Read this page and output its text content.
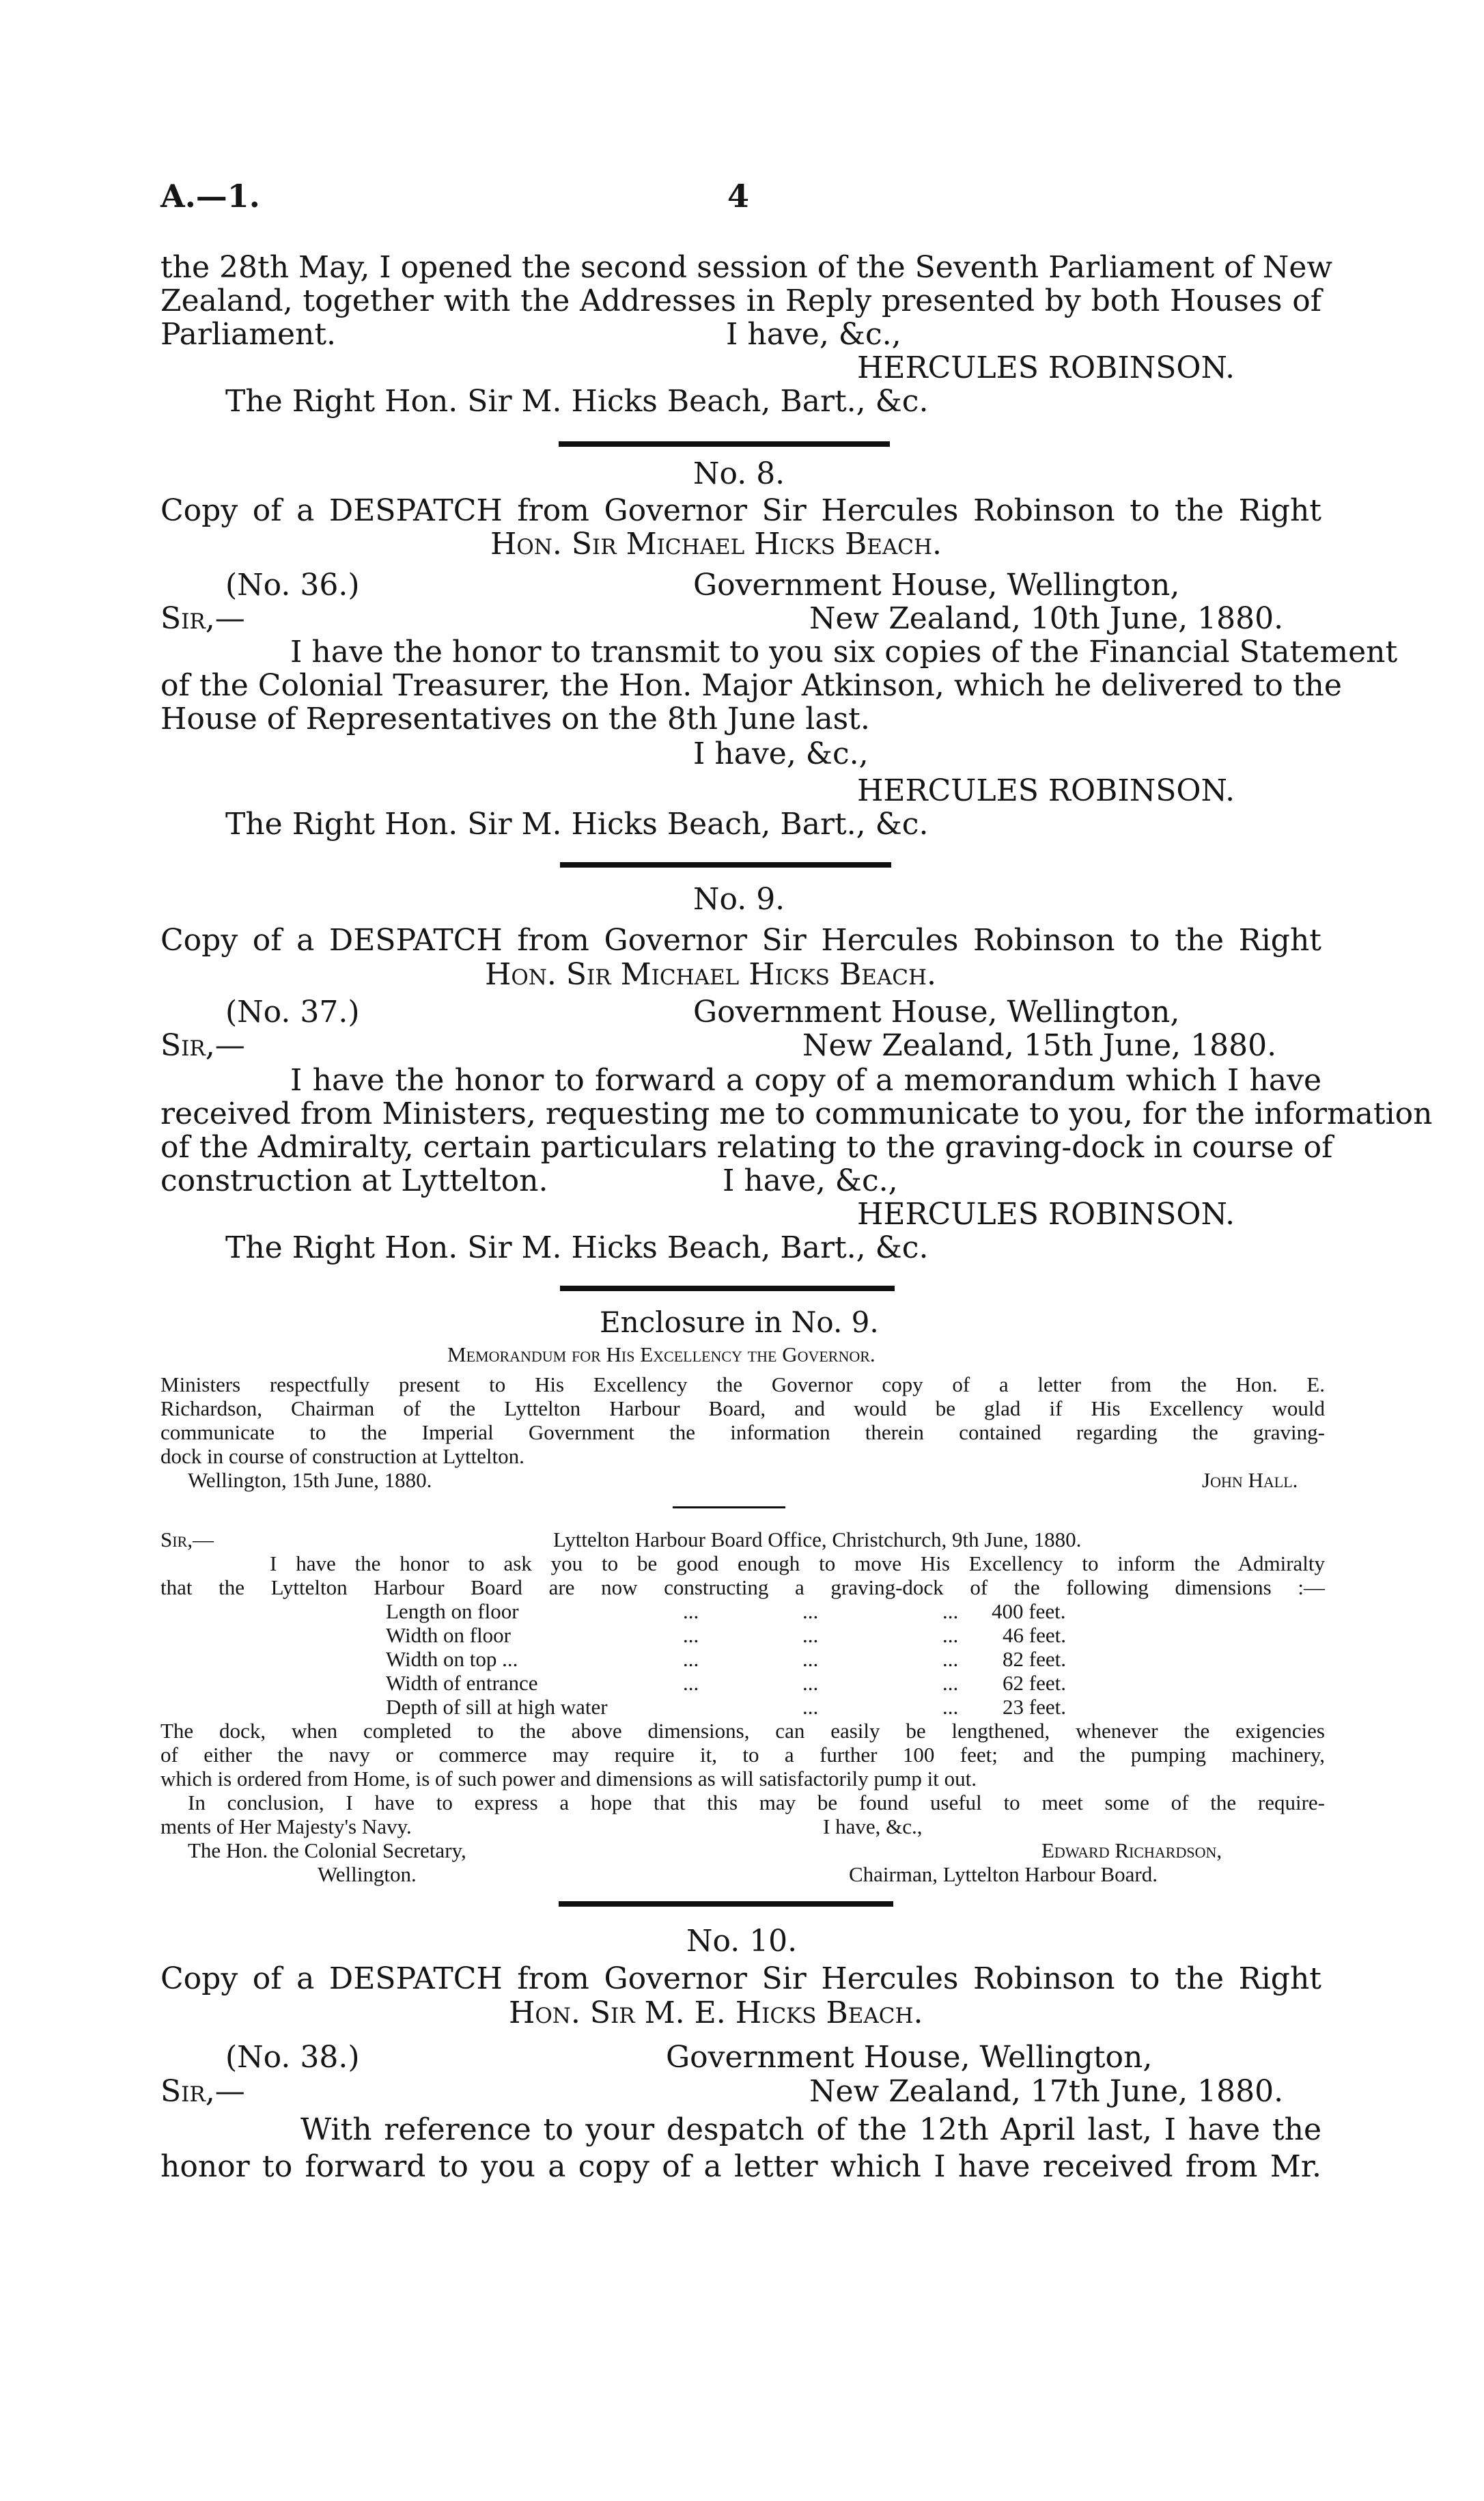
A.—1.	4
the 28th May, I opened the second session of the Seventh Parliament of New
Zealand, together with the Addresses in Reply presented by both Houses of
Parliament.	I have, &c.,
HERCULES ROBINSON.
The Right Hon. Sir M. Hicks Beach, Bart., &c.
No. 8.
Copy of a DESPATCH from Governor Sir Hercules Robinson to the Right
Hon. Sir Michael Hicks Beach.
(No. 36.)	Government House, Wellington,
Sir,—	New Zealand, 10th June, 1880.
I have the honor to transmit to you six copies of the Financial Statement
of the Colonial Treasurer, the Hon. Major Atkinson, which he delivered to the
House of Representatives on the 8th June last.
I have, &c.,
HERCULES ROBINSON.
The Right Hon. Sir M. Hicks Beach, Bart., &c.
No. 9.
Copy of a DESPATCH from Governor Sir Hercules Robinson to the Right
Hon. Sir Michael Hicks Beach.
(No. 37.)	Government House, Wellington,
Sir,—	New Zealand, 15th June, 1880.
I have the honor to forward a copy of a memorandum which I have
received from Ministers, requesting me to communicate to you, for the information
of the Admiralty, certain particulars relating to the graving-dock in course of
construction at Lyttelton.	I have, &c.,
HERCULES ROBINSON.
The Right Hon. Sir M. Hicks Beach, Bart., &c.
Enclosure in No. 9.
Memorandum for His Excellency the Governor.
Ministers respectfully present to His Excellency the Governor copy of a letter from the Hon. E.
Richardson, Chairman of the Lyttelton Harbour Board, and would be glad if His Excellency would
communicate to the Imperial Government the information therein contained regarding the graving-
dock in course of construction at Lyttelton.
Wellington, 15th June, 1880.	John Hall.
Sir,—	Lyttelton Harbour Board Office, Christchurch, 9th June, 1880.
I have the honor to ask you to be good enough to move His Excellency to inform the Admiralty
that the Lyttelton Harbour Board are now constructing a graving-dock of the following dimensions :—
Length on floor	...	...	... 400 feet.
Width on floor	...	...	... 46 feet.
Width on top ...	...	...	... 82 feet.
Width of entrance	...	...	... 62 feet.
Depth of sill at high water	...	... 23 feet.
The dock, when completed to the above dimensions, can easily be lengthened, whenever the exigencies
of either the navy or commerce may require it, to a further 100 feet; and the pumping machinery,
which is ordered from Home, is of such power and dimensions as will satisfactorily pump it out.
In conclusion, I have to express a hope that this may be found useful to meet some of the require-
ments of Her Majesty's Navy.	I have, &c.,
The Hon. the Colonial Secretary,	Edward Richardson,
Wellington.	Chairman, Lyttelton Harbour Board.
No. 10.
Copy of a DESPATCH from Governor Sir Hercules Robinson to the Right
Hon. Sir M. E. Hicks Beach.
(No. 38.)	Government House, Wellington,
Sir,—	New Zealand, 17th June, 1880.
With reference to your despatch of the 12th April last, I have the
honor to forward to you a copy of a letter which I have received from Mr.
